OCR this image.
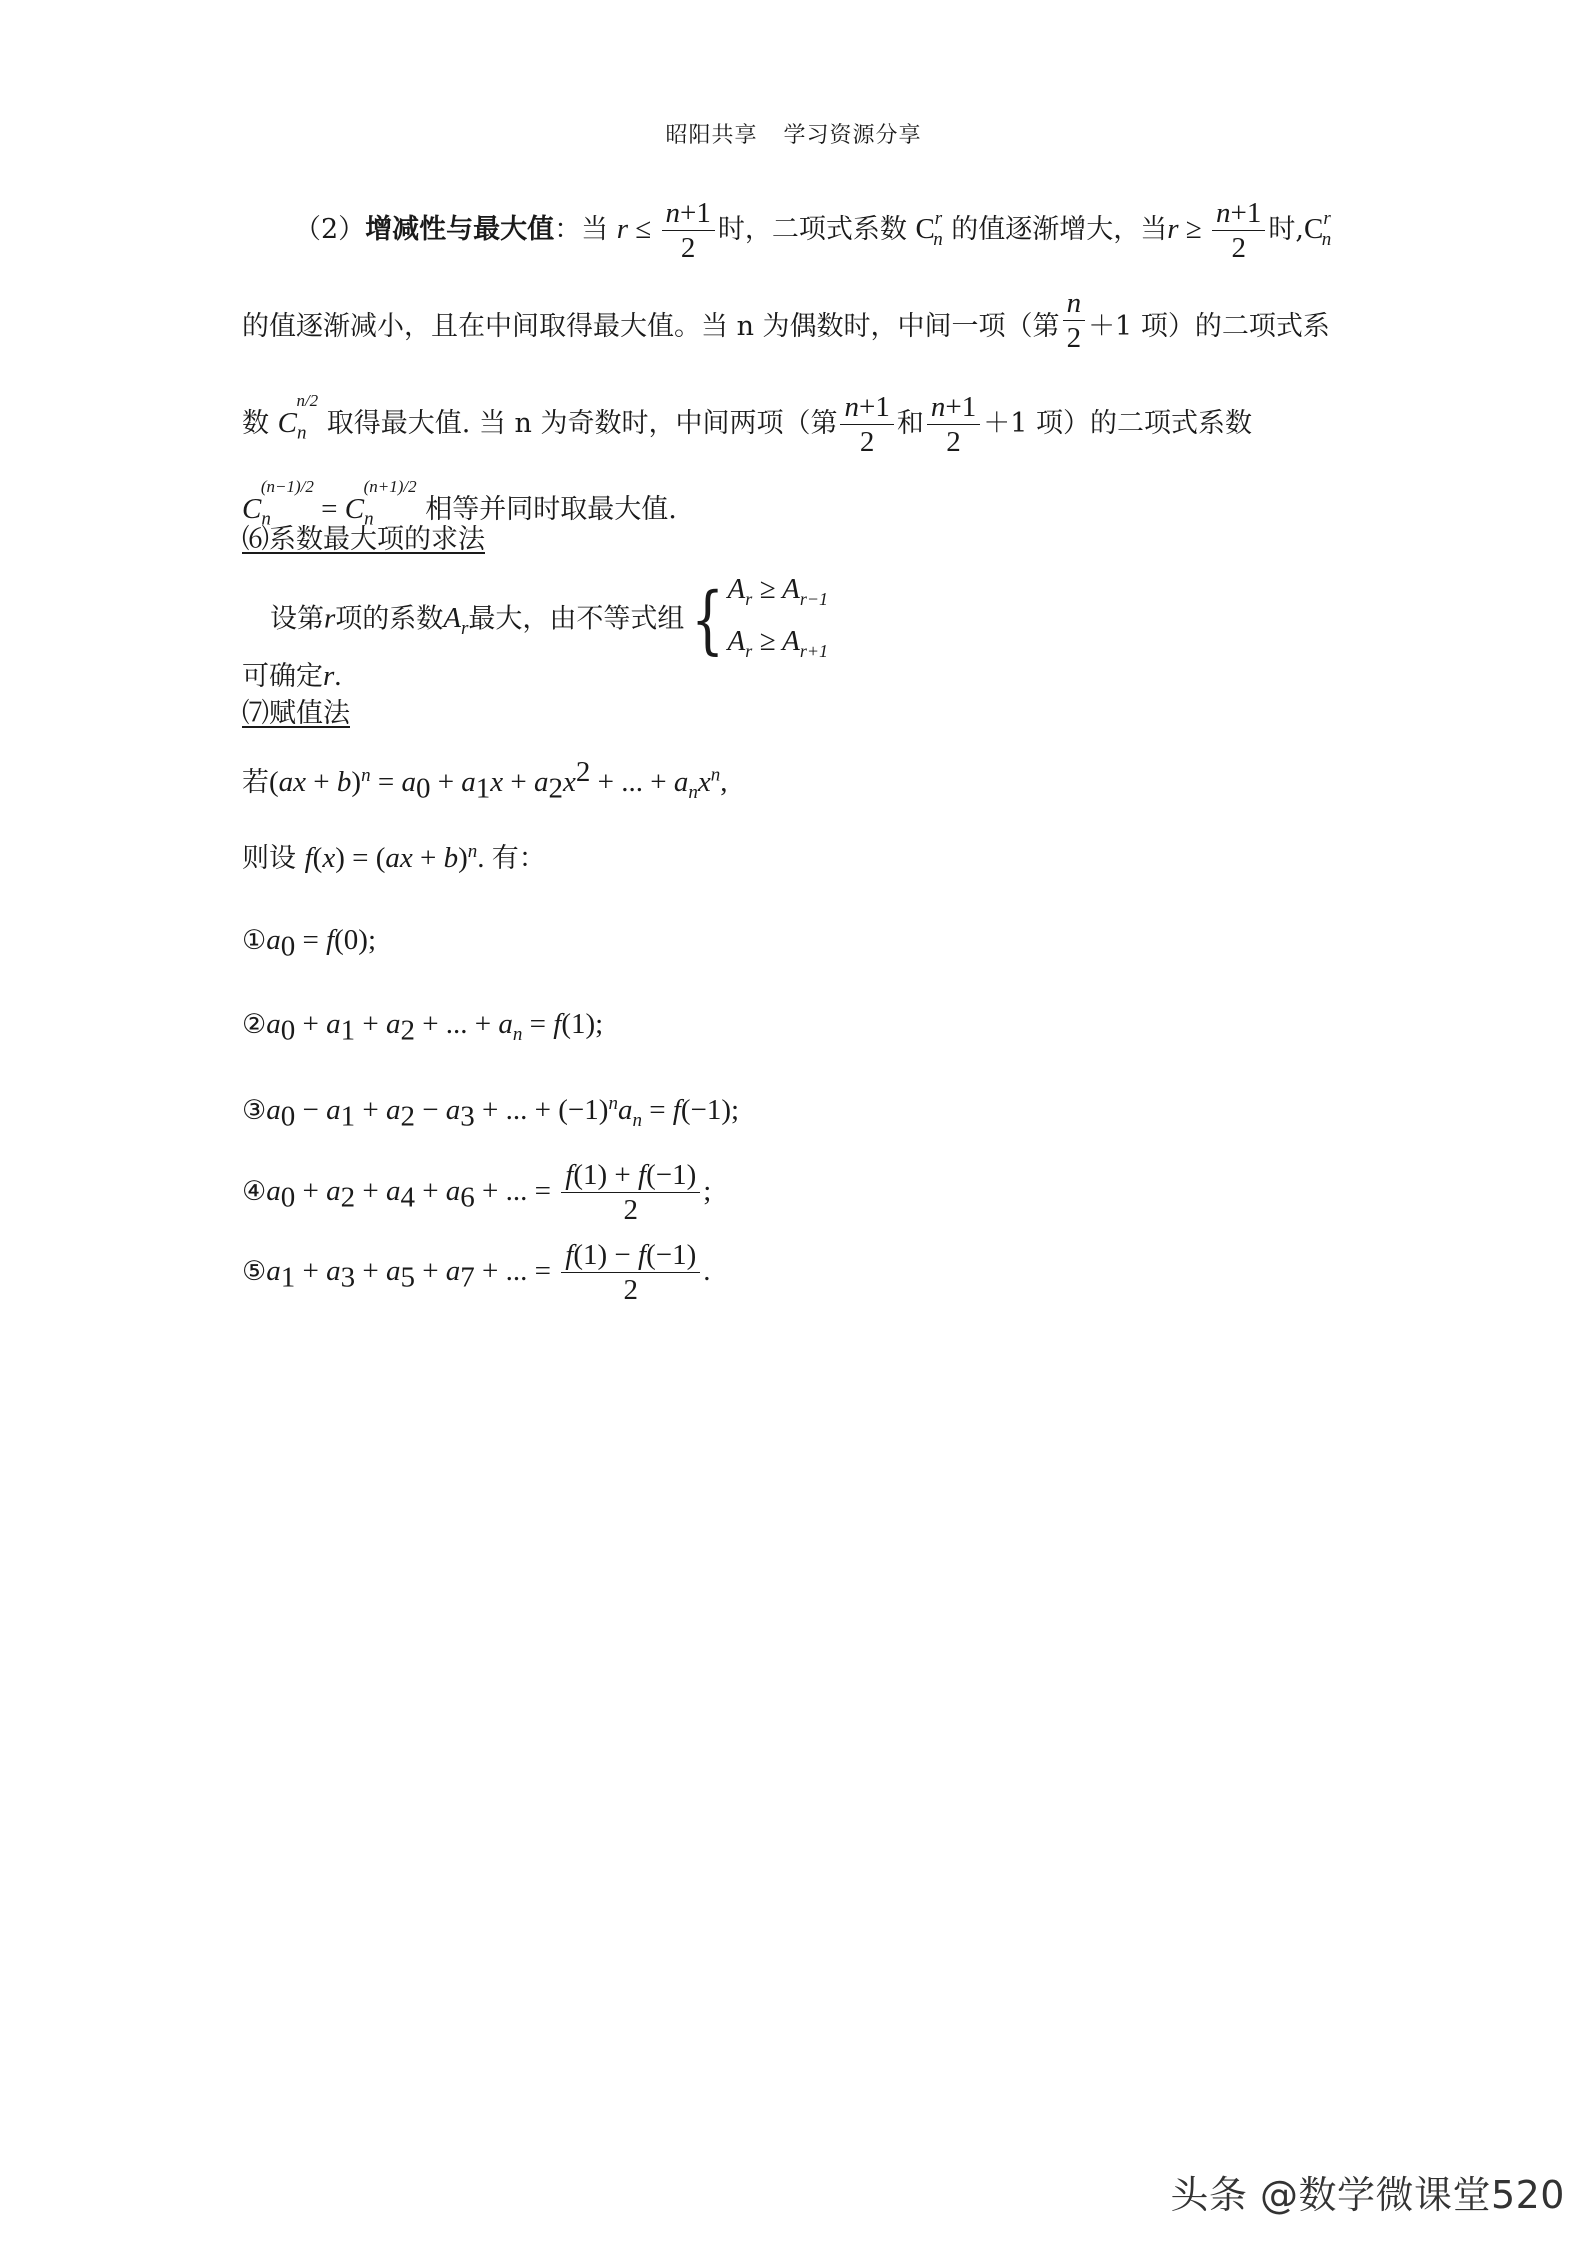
昭阳共享 学习资源分享
（2）增减性与最大值：当 $r \le \frac{n+1}{2}$ 时，二项式系数 $C^r_n$ 的值逐渐增大，当$r \ge \frac{n+1}{2}$ 时$,C^r_n$
的值逐渐减小，且在中间取得最大值。当 n 为偶数时，中间一项（第 $\frac{n}{2} +1$ 项）的二项式系
数 $C_n^{n/2}$ 取得最大值. 当 n 为奇数时，中间两项（第 $\frac{n+1}{2}$ 和 $\frac{n+1}{2} +1$ 项）的二项式系数
$C_n^{(n-1)/2} = C_n^{(n+1)/2}$ 相等并同时取最大值.
⑹系数最大项的求法
设第r项的系数$A_r$最大，由不等式组{ $A_r \ge A_{r-1}$
$A_r \ge A_{r+1}$
可确定r.
⑺赋值法
若$(ax + b)^n = a_0 + a_1x + a_2x^2$ + ... + $a_nx^n$,
则设 f(x) = (ax + b)$^n$. 有：
$①a_0 = f(0)$;
$②a_0 + a_1 + a_2$ + ... + $a_n = f(1)$;
$③a_0 - a_1 + a_2 - a_3$ + ... + $(-1)^na_n = f(-1)$;
$④a_0 + a_2 + a_4 + a_6$ + ... = $\frac{f(1) + f(-1)}{2}$ ;
$⑤a_1 + a_3 + a_5 + a_7$ + ... = $\frac{f(1) - f(-1)}{2}$ .
头条 @数学微课堂520
